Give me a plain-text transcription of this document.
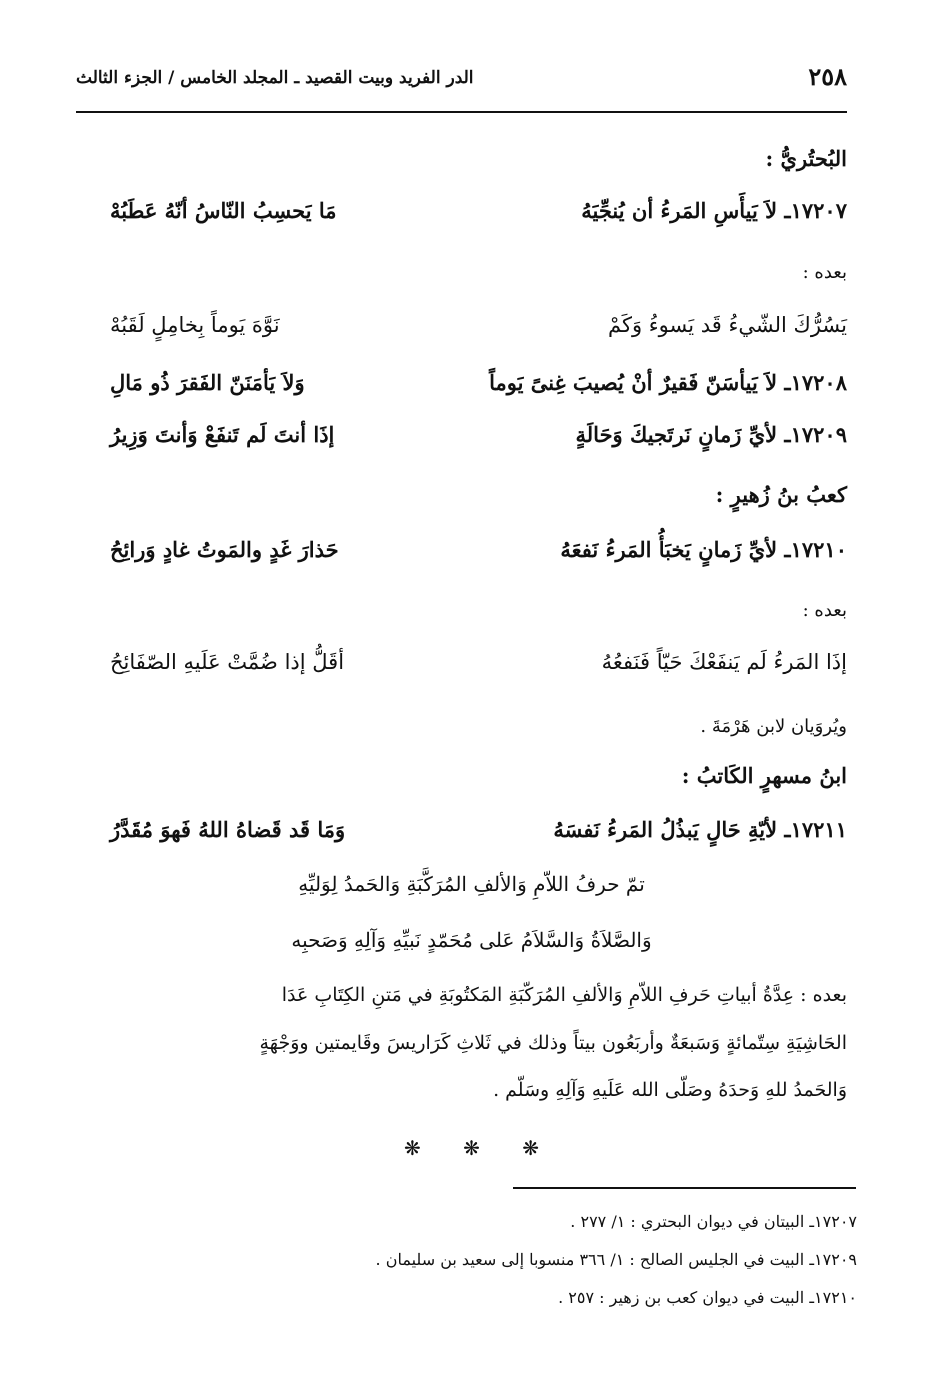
٢٥٨
الدر الفريد وبيت القصيد ـ المجلد الخامس / الجزء الثالث
البُحتُريُّ :
١٧٢٠٧ـ لاَ يَيأَسِ المَرءُ أن يُنجِّيَهُ
مَا يَحسِبُ النّاسُ أنّهُ عَطَبُهْ
بعده :
يَسُرُّكَ الشّيءُ قَد يَسوءُ وَكَمْ
نَوَّهَ يَوماً بِخامِلٍ لَقَبُهْ
١٧٢٠٨ـ لاَ يَيأسَنّ فَقيرٌ أنْ يُصيبَ غِنىً يَوماً
وَلاَ يَأمَنَنّ الفَقرَ ذُو مَالِ
١٧٢٠٩ـ لأيِّ زَمانٍ نَرتَجيكَ وَحَالَةٍ
إذَا أنتَ لَم تَنفَعْ وَأنتَ وَزِيرُ
كعبُ بنُ زُهيرٍ :
١٧٢١٠ـ لأيِّ زَمانٍ يَخبَأُ المَرءُ نَفعَهُ
حَذارَ غَدٍ والمَوتُ غادٍ وَرائِحُ
بعده :
إذَا المَرءُ لَم يَنفَعْكَ حَيّاً فَنَفعُهُ
أقَلُّ إذا ضُمَّتْ عَلَيهِ الصّفَائِحُ
ويُروَيان لابن هَرْمَةَ .
ابنُ مسهرٍ الكَاتبُ :
١٧٢١١ـ لأيّةِ حَالٍ يَبذُلُ المَرءُ نَفسَهُ
وَمَا قَد قَضاهُ اللهُ فَهوَ مُقَدَّرُ
تمّ حرفُ اللاّمِ وَالألفِ المُرَكَّبَةِ وَالحَمدُ لِوَليِّهِ
وَالصَّلاَةُ وَالسَّلاَمُ عَلى مُحَمّدٍ نَبيِّهِ وَآلِهِ وَصَحبِه
بعده : عِدَّةُ أبياتِ حَرفِ اللاّمِ وَالألفِ المُرَكّبَةِ المَكتُوبَةِ في مَتنِ الكِتَابِ عَدَا
الحَاشِيَةِ سِتّمائةٍ وَسَبعَةٌ وأربَعُون بيتاً وذلك في ثَلاثِ كَرَاريسَ وقَايمتين ووَجْهَةٍ
وَالحَمدُ للهِ وَحدَهُ وصَلّى الله عَلَيهِ وَآلِهِ وسَلّم .
❋ ❋ ❋
١٧٢٠٧ـ البيتان في ديوان البحتري : ١/ ٢٧٧ .
١٧٢٠٩ـ البيت في الجليس الصالح : ١/ ٣٦٦ منسوبا إلى سعيد بن سليمان .
١٧٢١٠ـ البيت في ديوان كعب بن زهير : ٢٥٧ .
